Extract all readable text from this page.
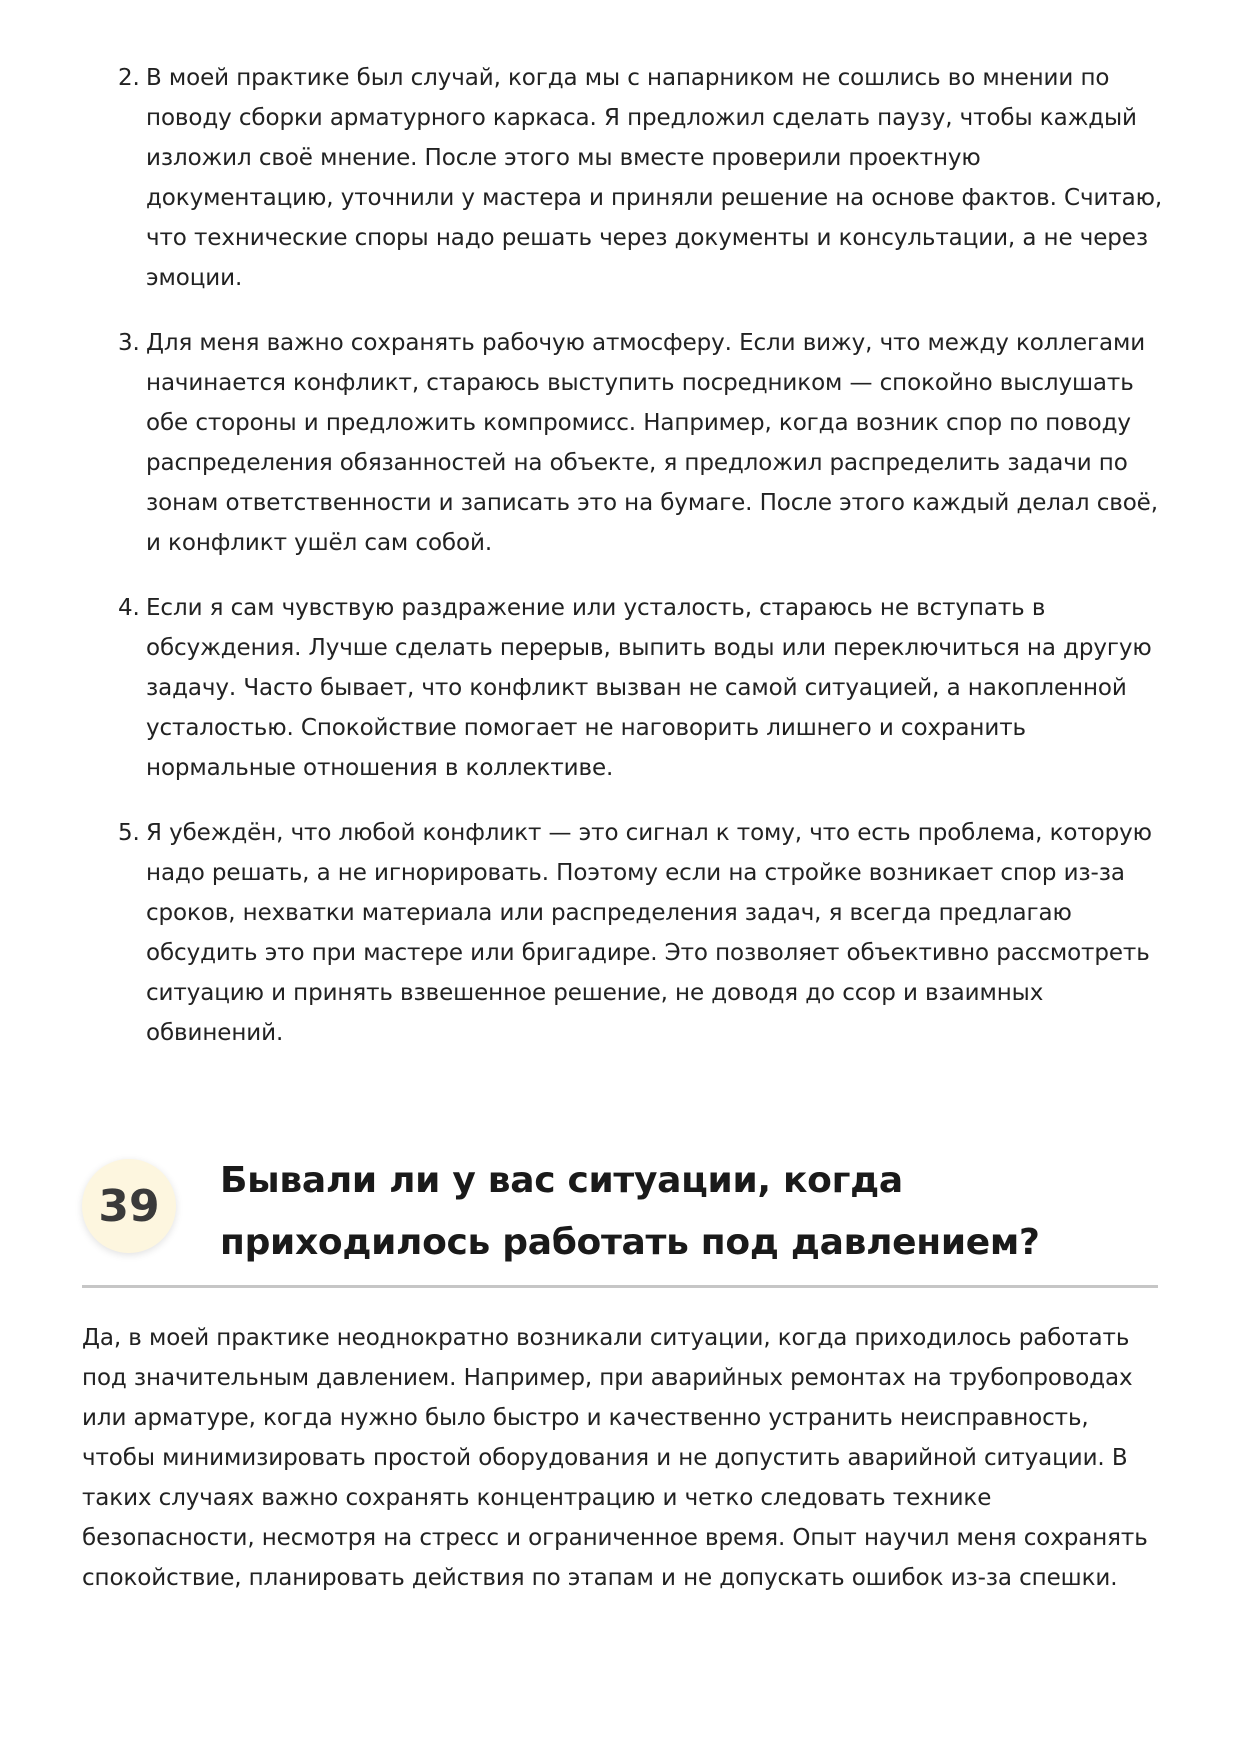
2. В моей практике был случай, когда мы с напарником не сошлись во мнении по поводу сборки арматурного каркаса. Я предложил сделать паузу, чтобы каждый изложил своё мнение. После этого мы вместе проверили проектную документацию, уточнили у мастера и приняли решение на основе фактов. Считаю, что технические споры надо решать через документы и консультации, а не через эмоции.
3. Для меня важно сохранять рабочую атмосферу. Если вижу, что между коллегами начинается конфликт, стараюсь выступить посредником — спокойно выслушать обе стороны и предложить компромисс. Например, когда возник спор по поводу распределения обязанностей на объекте, я предложил распределить задачи по зонам ответственности и записать это на бумаге. После этого каждый делал своё, и конфликт ушёл сам собой.
4. Если я сам чувствую раздражение или усталость, стараюсь не вступать в обсуждения. Лучше сделать перерыв, выпить воды или переключиться на другую задачу. Часто бывает, что конфликт вызван не самой ситуацией, а накопленной усталостью. Спокойствие помогает не наговорить лишнего и сохранить нормальные отношения в коллективе.
5. Я убеждён, что любой конфликт — это сигнал к тому, что есть проблема, которую надо решать, а не игнорировать. Поэтому если на стройке возникает спор из-за сроков, нехватки материала или распределения задач, я всегда предлагаю обсудить это при мастере или бригадире. Это позволяет объективно рассмотреть ситуацию и принять взвешенное решение, не доводя до ссор и взаимных обвинений.
39	Бывали ли у вас ситуации, когда приходилось работать под давлением?

Да, в моей практике неоднократно возникали ситуации, когда приходилось работать под значительным давлением. Например, при аварийных ремонтах на трубопроводах или арматуре, когда нужно было быстро и качественно устранить неисправность, чтобы минимизировать простой оборудования и не допустить аварийной ситуации. В таких случаях важно сохранять концентрацию и четко следовать технике безопасности, несмотря на стресс и ограниченное время. Опыт научил меня сохранять спокойствие, планировать действия по этапам и не допускать ошибок из-за спешки.
